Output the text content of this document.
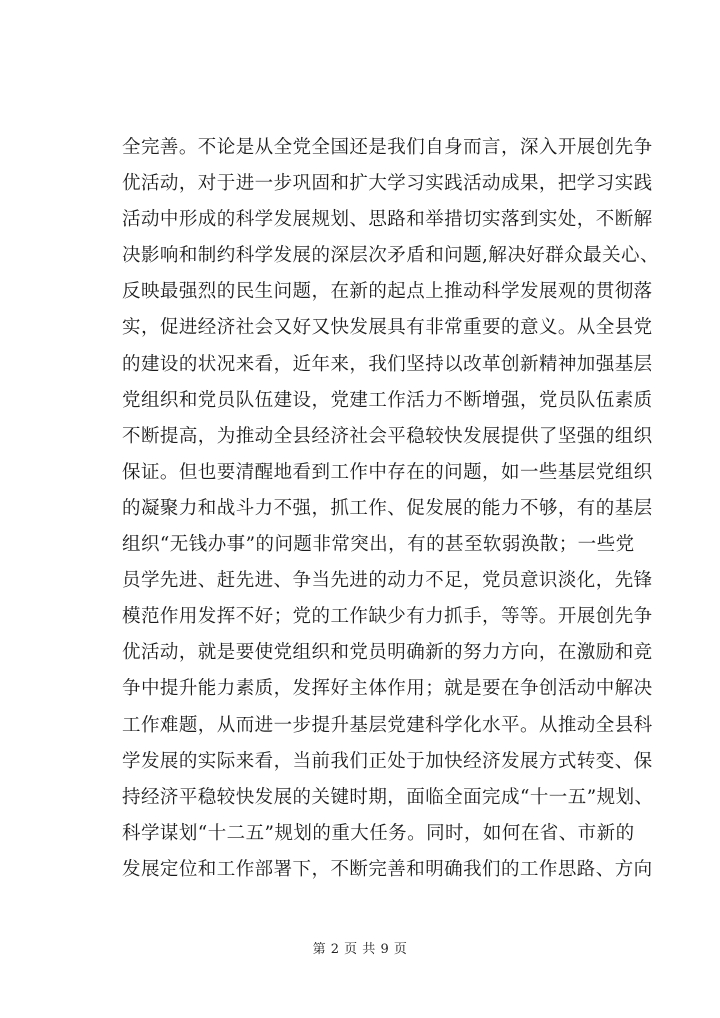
全完善。不论是从全党全国还是我们自身而言，深入开展创先争
优活动，对于进一步巩固和扩大学习实践活动成果，把学习实践
活动中形成的科学发展规划、思路和举措切实落到实处，不断解
决影响和制约科学发展的深层次矛盾和问题,解决好群众最关心、
反映最强烈的民生问题，在新的起点上推动科学发展观的贯彻落
实，促进经济社会又好又快发展具有非常重要的意义。从全县党
的建设的状况来看，近年来，我们坚持以改革创新精神加强基层
党组织和党员队伍建设，党建工作活力不断增强，党员队伍素质
不断提高，为推动全县经济社会平稳较快发展提供了坚强的组织
保证。但也要清醒地看到工作中存在的问题，如一些基层党组织
的凝聚力和战斗力不强，抓工作、促发展的能力不够，有的基层
组织“无钱办事”的问题非常突出，有的甚至软弱涣散；一些党
员学先进、赶先进、争当先进的动力不足，党员意识淡化，先锋
模范作用发挥不好；党的工作缺少有力抓手，等等。开展创先争
优活动，就是要使党组织和党员明确新的努力方向，在激励和竞
争中提升能力素质，发挥好主体作用；就是要在争创活动中解决
工作难题，从而进一步提升基层党建科学化水平。从推动全县科
学发展的实际来看，当前我们正处于加快经济发展方式转变、保
持经济平稳较快发展的关键时期，面临全面完成“十一五”规划、
科学谋划“十二五”规划的重大任务。同时，如何在省、市新的
发展定位和工作部署下，不断完善和明确我们的工作思路、方向
第 2 页 共 9 页
